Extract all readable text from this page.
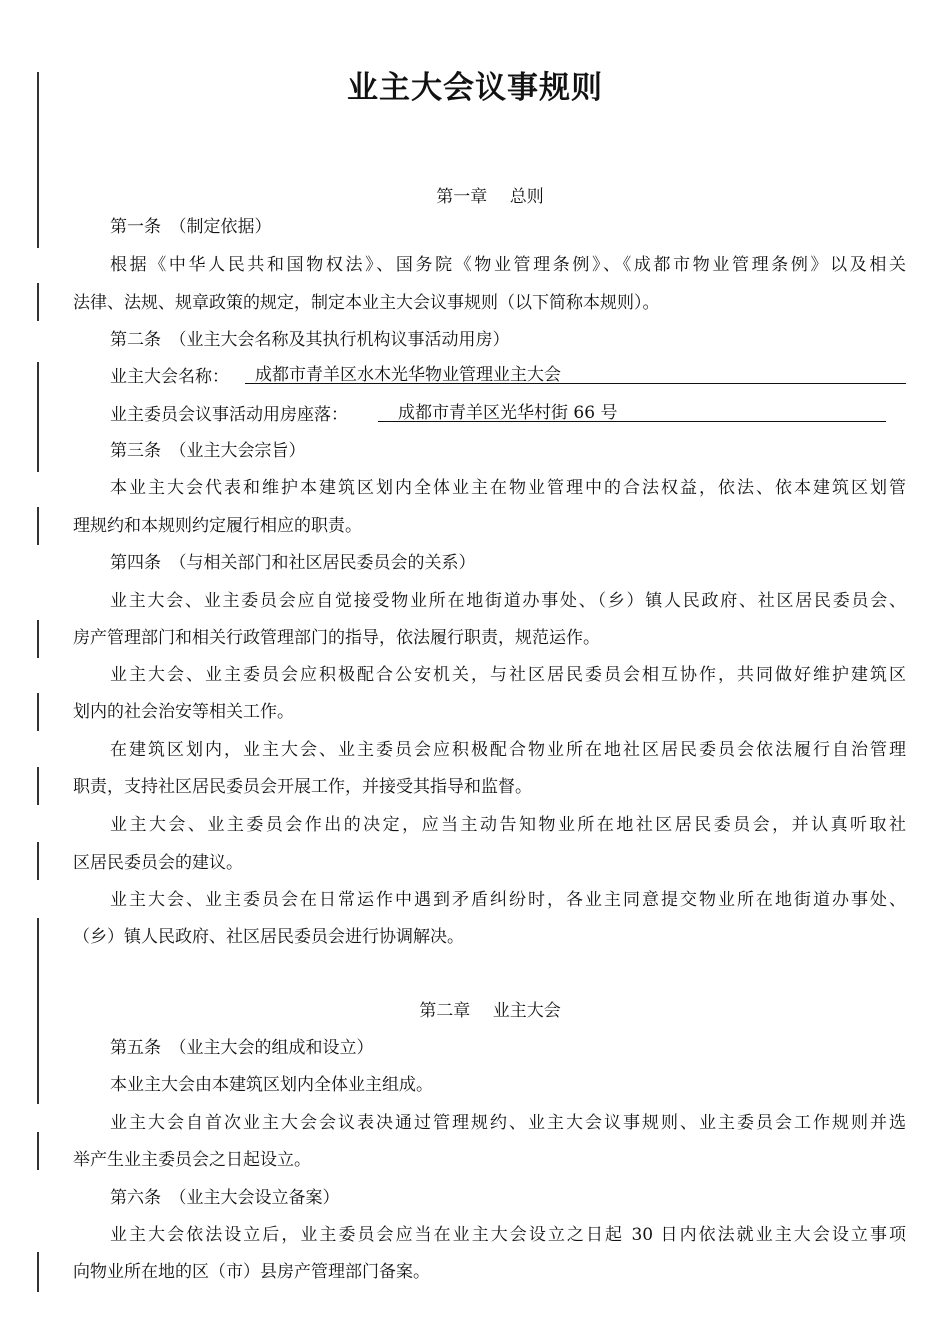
业主大会议事规则
第一章　 总则
第一条　（制定依据）
根据《中华人民共和国物权法》、国务院《物业管理条例》、《成都市物业管理条例》以及相关
法律、法规、规章政策的规定，制定本业主大会议事规则（以下简称本规则）。
第二条　（业主大会名称及其执行机构议事活动用房）
业主大会名称：	成都市青羊区水木光华物业管理业主大会
业主委员会议事活动用房座落：	成都市青羊区光华村街 66 号
第三条　（业主大会宗旨）
本业主大会代表和维护本建筑区划内全体业主在物业管理中的合法权益，依法、依本建筑区划管
理规约和本规则约定履行相应的职责。
第四条　（与相关部门和社区居民委员会的关系）
业主大会、业主委员会应自觉接受物业所在地街道办事处、（乡）镇人民政府、社区居民委员会、
房产管理部门和相关行政管理部门的指导，依法履行职责，规范运作。
业主大会、业主委员会应积极配合公安机关，与社区居民委员会相互协作，共同做好维护建筑区
划内的社会治安等相关工作。
在建筑区划内，业主大会、业主委员会应积极配合物业所在地社区居民委员会依法履行自治管理
职责，支持社区居民委员会开展工作，并接受其指导和监督。
业主大会、业主委员会作出的决定，应当主动告知物业所在地社区居民委员会，并认真听取社
区居民委员会的建议。
业主大会、业主委员会在日常运作中遇到矛盾纠纷时，各业主同意提交物业所在地街道办事处、
（乡）镇人民政府、社区居民委员会进行协调解决。
第二章　 业主大会
第五条　（业主大会的组成和设立）
本业主大会由本建筑区划内全体业主组成。
业主大会自首次业主大会会议表决通过管理规约、业主大会议事规则、业主委员会工作规则并选
举产生业主委员会之日起设立。
第六条　（业主大会设立备案）
业主大会依法设立后，业主委员会应当在业主大会设立之日起 30 日内依法就业主大会设立事项
向物业所在地的区（市）县房产管理部门备案。
